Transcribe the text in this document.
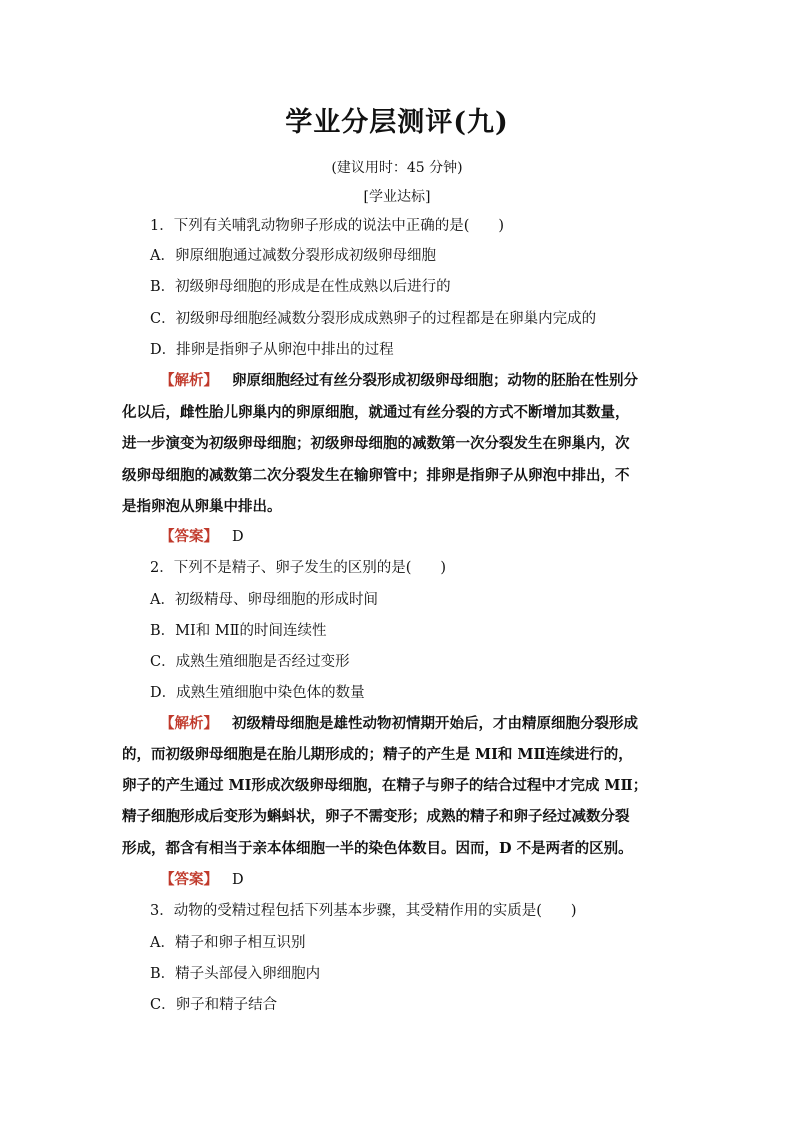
学业分层测评(九)
(建议用时：45 分钟)
[学业达标]
1．下列有关哺乳动物卵子形成的说法中正确的是(　　)
A．卵原细胞通过减数分裂形成初级卵母细胞
B．初级卵母细胞的形成是在性成熟以后进行的
C．初级卵母细胞经减数分裂形成成熟卵子的过程都是在卵巢内完成的
D．排卵是指卵子从卵泡中排出的过程
【解析】 卵原细胞经过有丝分裂形成初级卵母细胞；动物的胚胎在性别分
化以后，雌性胎儿卵巢内的卵原细胞，就通过有丝分裂的方式不断增加其数量，
进一步演变为初级卵母细胞；初级卵母细胞的减数第一次分裂发生在卵巢内，次
级卵母细胞的减数第二次分裂发生在输卵管中；排卵是指卵子从卵泡中排出，不
是指卵泡从卵巢中排出。
【答案】 D
2．下列不是精子、卵子发生的区别的是(　　)
A．初级精母、卵母细胞的形成时间
B．MⅠ和 MⅡ的时间连续性
C．成熟生殖细胞是否经过变形
D．成熟生殖细胞中染色体的数量
【解析】 初级精母细胞是雄性动物初情期开始后，才由精原细胞分裂形成
的，而初级卵母细胞是在胎儿期形成的；精子的产生是 MⅠ和 MⅡ连续进行的，
卵子的产生通过 MⅠ形成次级卵母细胞，在精子与卵子的结合过程中才完成 MⅡ；
精子细胞形成后变形为蝌蚪状，卵子不需变形；成熟的精子和卵子经过减数分裂
形成，都含有相当于亲本体细胞一半的染色体数目。因而，D 不是两者的区别。
【答案】 D
3．动物的受精过程包括下列基本步骤，其受精作用的实质是(　　)
A．精子和卵子相互识别
B．精子头部侵入卵细胞内
C．卵子和精子结合
